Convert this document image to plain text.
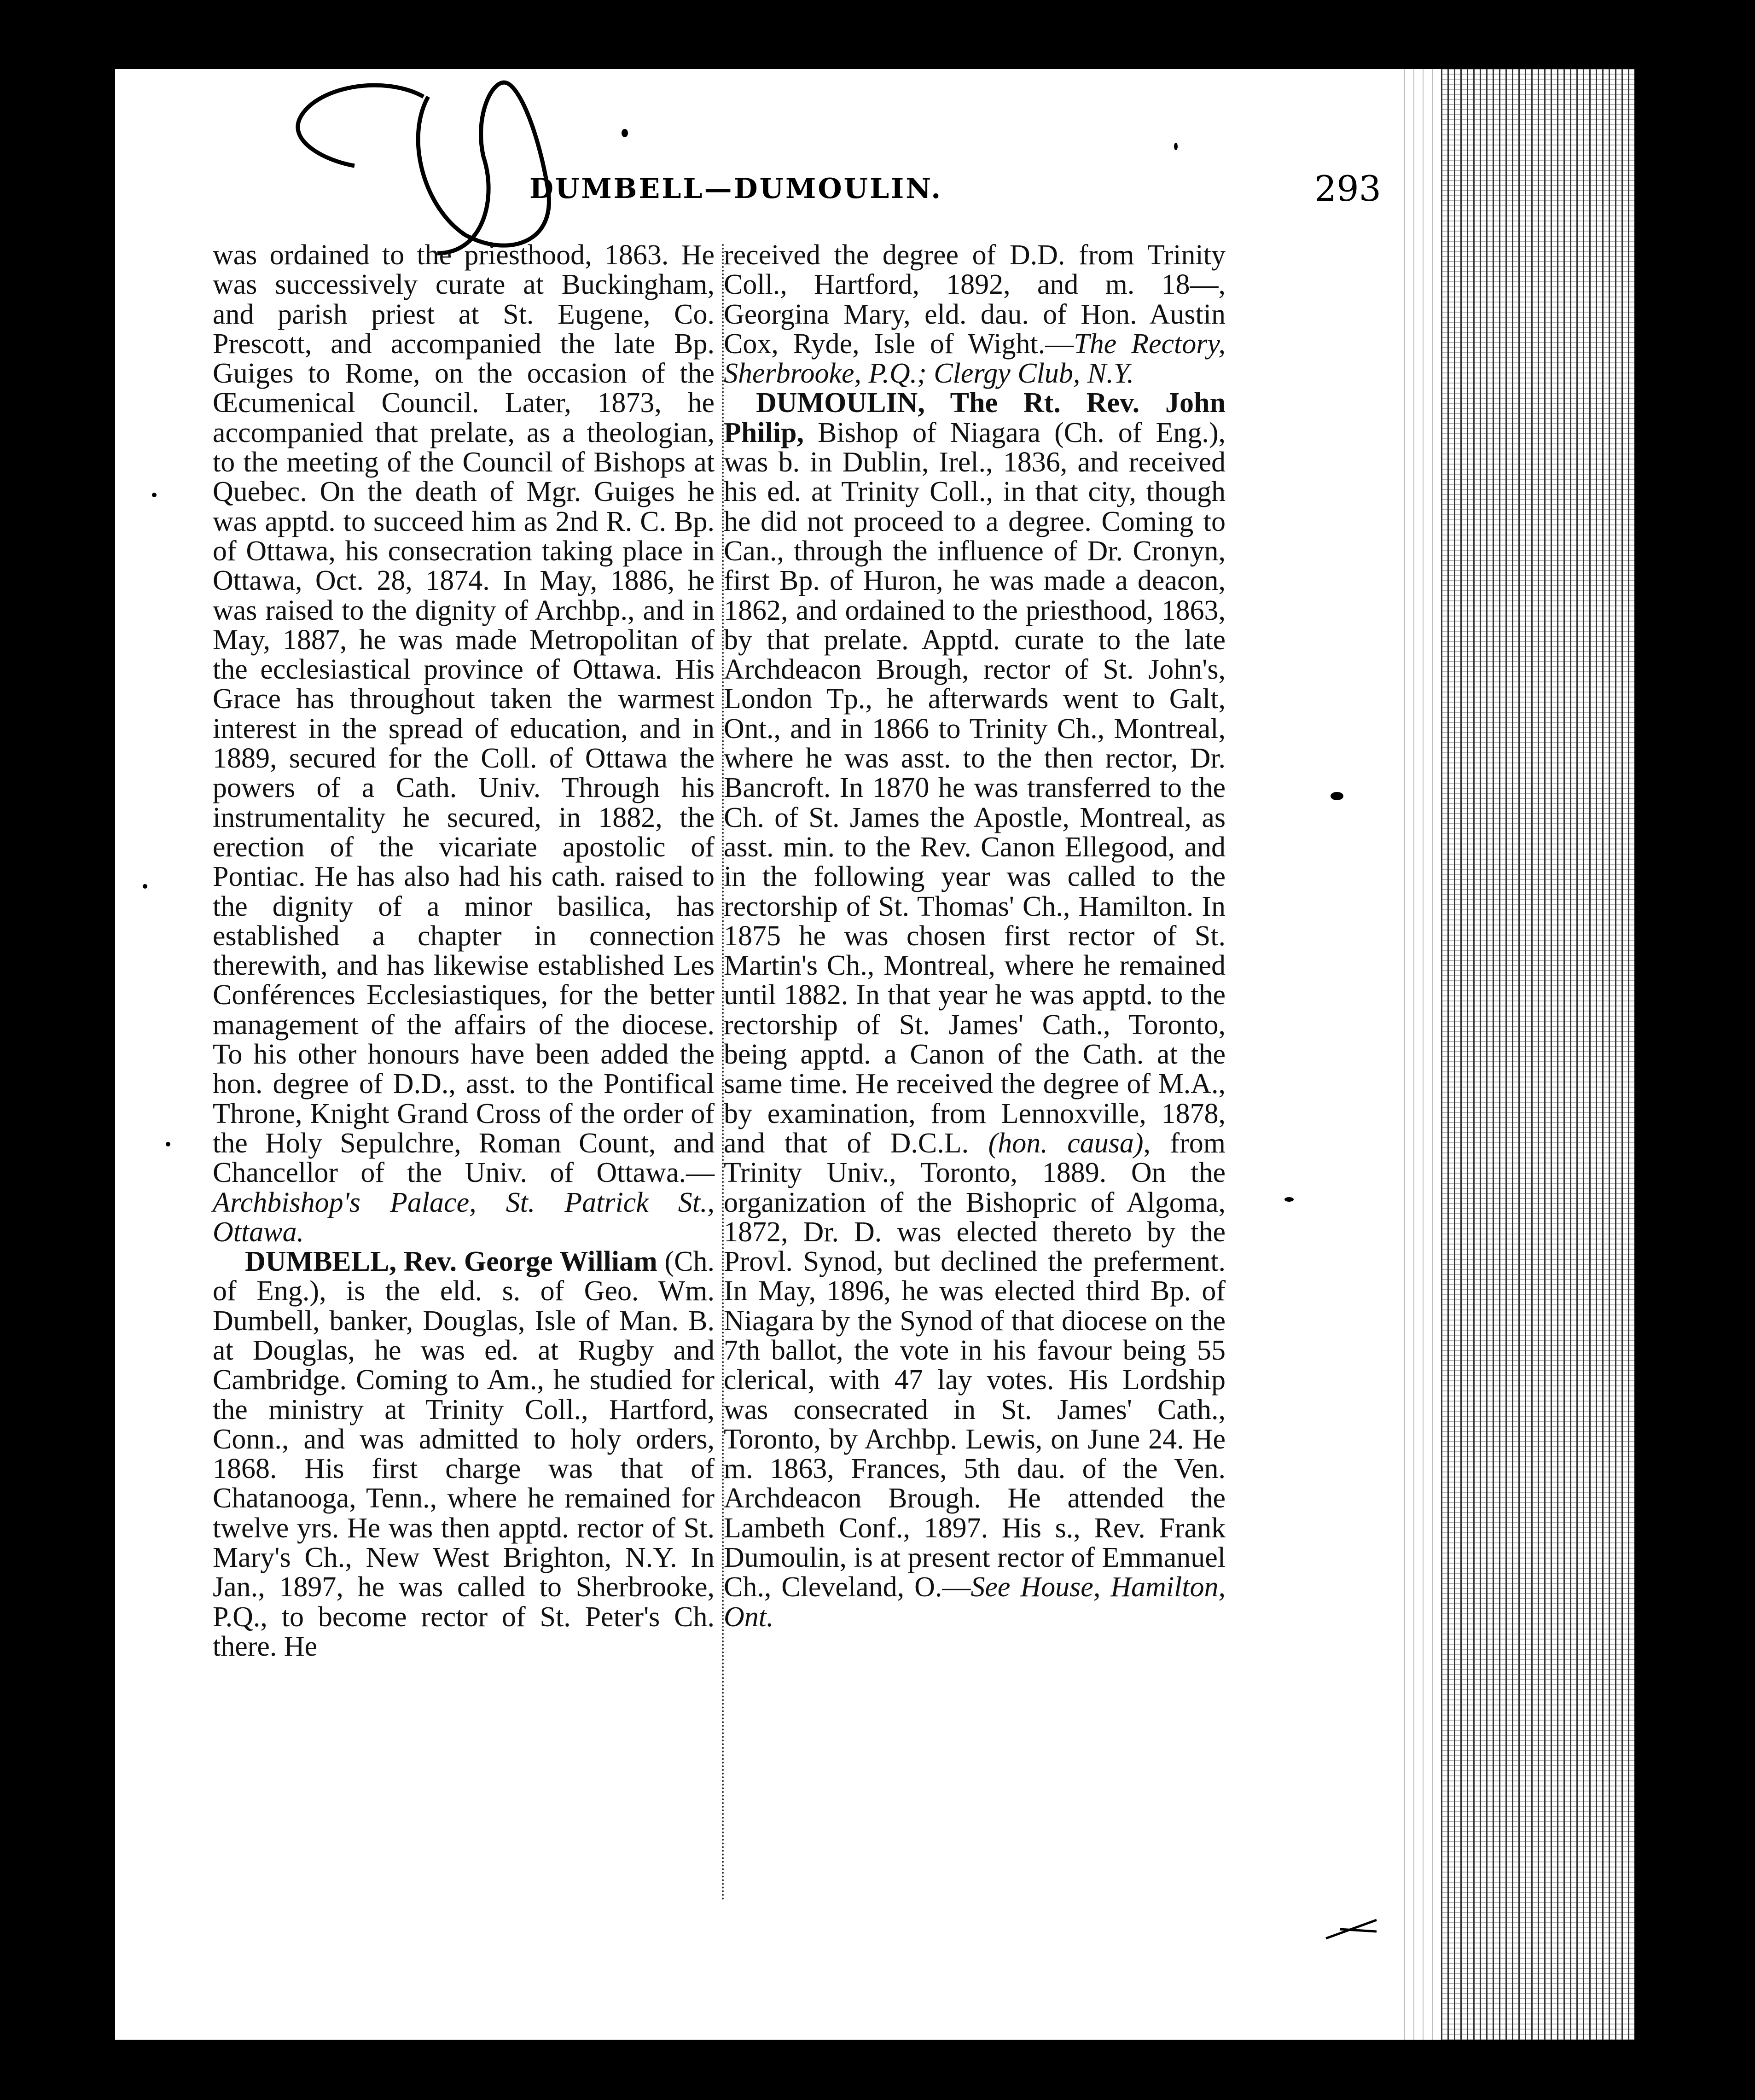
DUMBELL—DUMOULIN.	293

was ordained to the priesthood, 1863. He was successively curate at Buckingham, and parish priest at St. Eugene, Co. Prescott, and accompanied the late Bp. Guiges to Rome, on the occasion of the Œcumenical Council. Later, 1873, he accompanied that prelate, as a theologian, to the meeting of the Council of Bishops at Quebec. On the death of Mgr. Guiges he was apptd. to succeed him as 2nd R. C. Bp. of Ottawa, his consecration taking place in Ottawa, Oct. 28, 1874. In May, 1886, he was raised to the dignity of Archbp., and in May, 1887, he was made Metropolitan of the ecclesiastical province of Ottawa. His Grace has throughout taken the warmest interest in the spread of education, and in 1889, secured for the Coll. of Ottawa the powers of a Cath. Univ. Through his instrumentality he secured, in 1882, the erection of the vicariate apostolic of Pontiac. He has also had his cath. raised to the dignity of a minor basilica, has established a chapter in connection therewith, and has likewise established Les Conférences Ecclesiastiques, for the better management of the affairs of the diocese. To his other honours have been added the hon. degree of D.D., asst. to the Pontifical Throne, Knight Grand Cross of the order of the Holy Sepulchre, Roman Count, and Chancellor of the Univ. of Ottawa.—Archbishop's Palace, St. Patrick St., Ottawa.

DUMBELL, Rev. George William (Ch. of Eng.), is the eld. s. of Geo. Wm. Dumbell, banker, Douglas, Isle of Man. B. at Douglas, he was ed. at Rugby and Cambridge. Coming to Am., he studied for the ministry at Trinity Coll., Hartford, Conn., and was admitted to holy orders, 1868. His first charge was that of Chatanooga, Tenn., where he remained for twelve yrs. He was then apptd. rector of St. Mary's Ch., New West Brighton, N.Y. In Jan., 1897, he was called to Sherbrooke, P.Q., to become rector of St. Peter's Ch. there. He

received the degree of D.D. from Trinity Coll., Hartford, 1892, and m. 18—, Georgina Mary, eld. dau. of Hon. Austin Cox, Ryde, Isle of Wight.—The Rectory, Sherbrooke, P.Q.; Clergy Club, N.Y.

DUMOULIN, The Rt. Rev. John Philip, Bishop of Niagara (Ch. of Eng.), was b. in Dublin, Irel., 1836, and received his ed. at Trinity Coll., in that city, though he did not proceed to a degree. Coming to Can., through the influence of Dr. Cronyn, first Bp. of Huron, he was made a deacon, 1862, and ordained to the priesthood, 1863, by that prelate. Apptd. curate to the late Archdeacon Brough, rector of St. John's, London Tp., he afterwards went to Galt, Ont., and in 1866 to Trinity Ch., Montreal, where he was asst. to the then rector, Dr. Bancroft. In 1870 he was transferred to the Ch. of St. James the Apostle, Montreal, as asst. min. to the Rev. Canon Ellegood, and in the following year was called to the rectorship of St. Thomas' Ch., Hamilton. In 1875 he was chosen first rector of St. Martin's Ch., Montreal, where he remained until 1882. In that year he was apptd. to the rectorship of St. James' Cath., Toronto, being apptd. a Canon of the Cath. at the same time. He received the degree of M.A., by examination, from Lennoxville, 1878, and that of D.C.L. (hon. causa), from Trinity Univ., Toronto, 1889. On the organization of the Bishopric of Algoma, 1872, Dr. D. was elected thereto by the Provl. Synod, but declined the preferment. In May, 1896, he was elected third Bp. of Niagara by the Synod of that diocese on the 7th ballot, the vote in his favour being 55 clerical, with 47 lay votes. His Lordship was consecrated in St. James' Cath., Toronto, by Archbp. Lewis, on June 24. He m. 1863, Frances, 5th dau. of the Ven. Archdeacon Brough. He attended the Lambeth Conf., 1897. His s., Rev. Frank Dumoulin, is at present rector of Emmanuel Ch., Cleveland, O.—See House, Hamilton, Ont.
